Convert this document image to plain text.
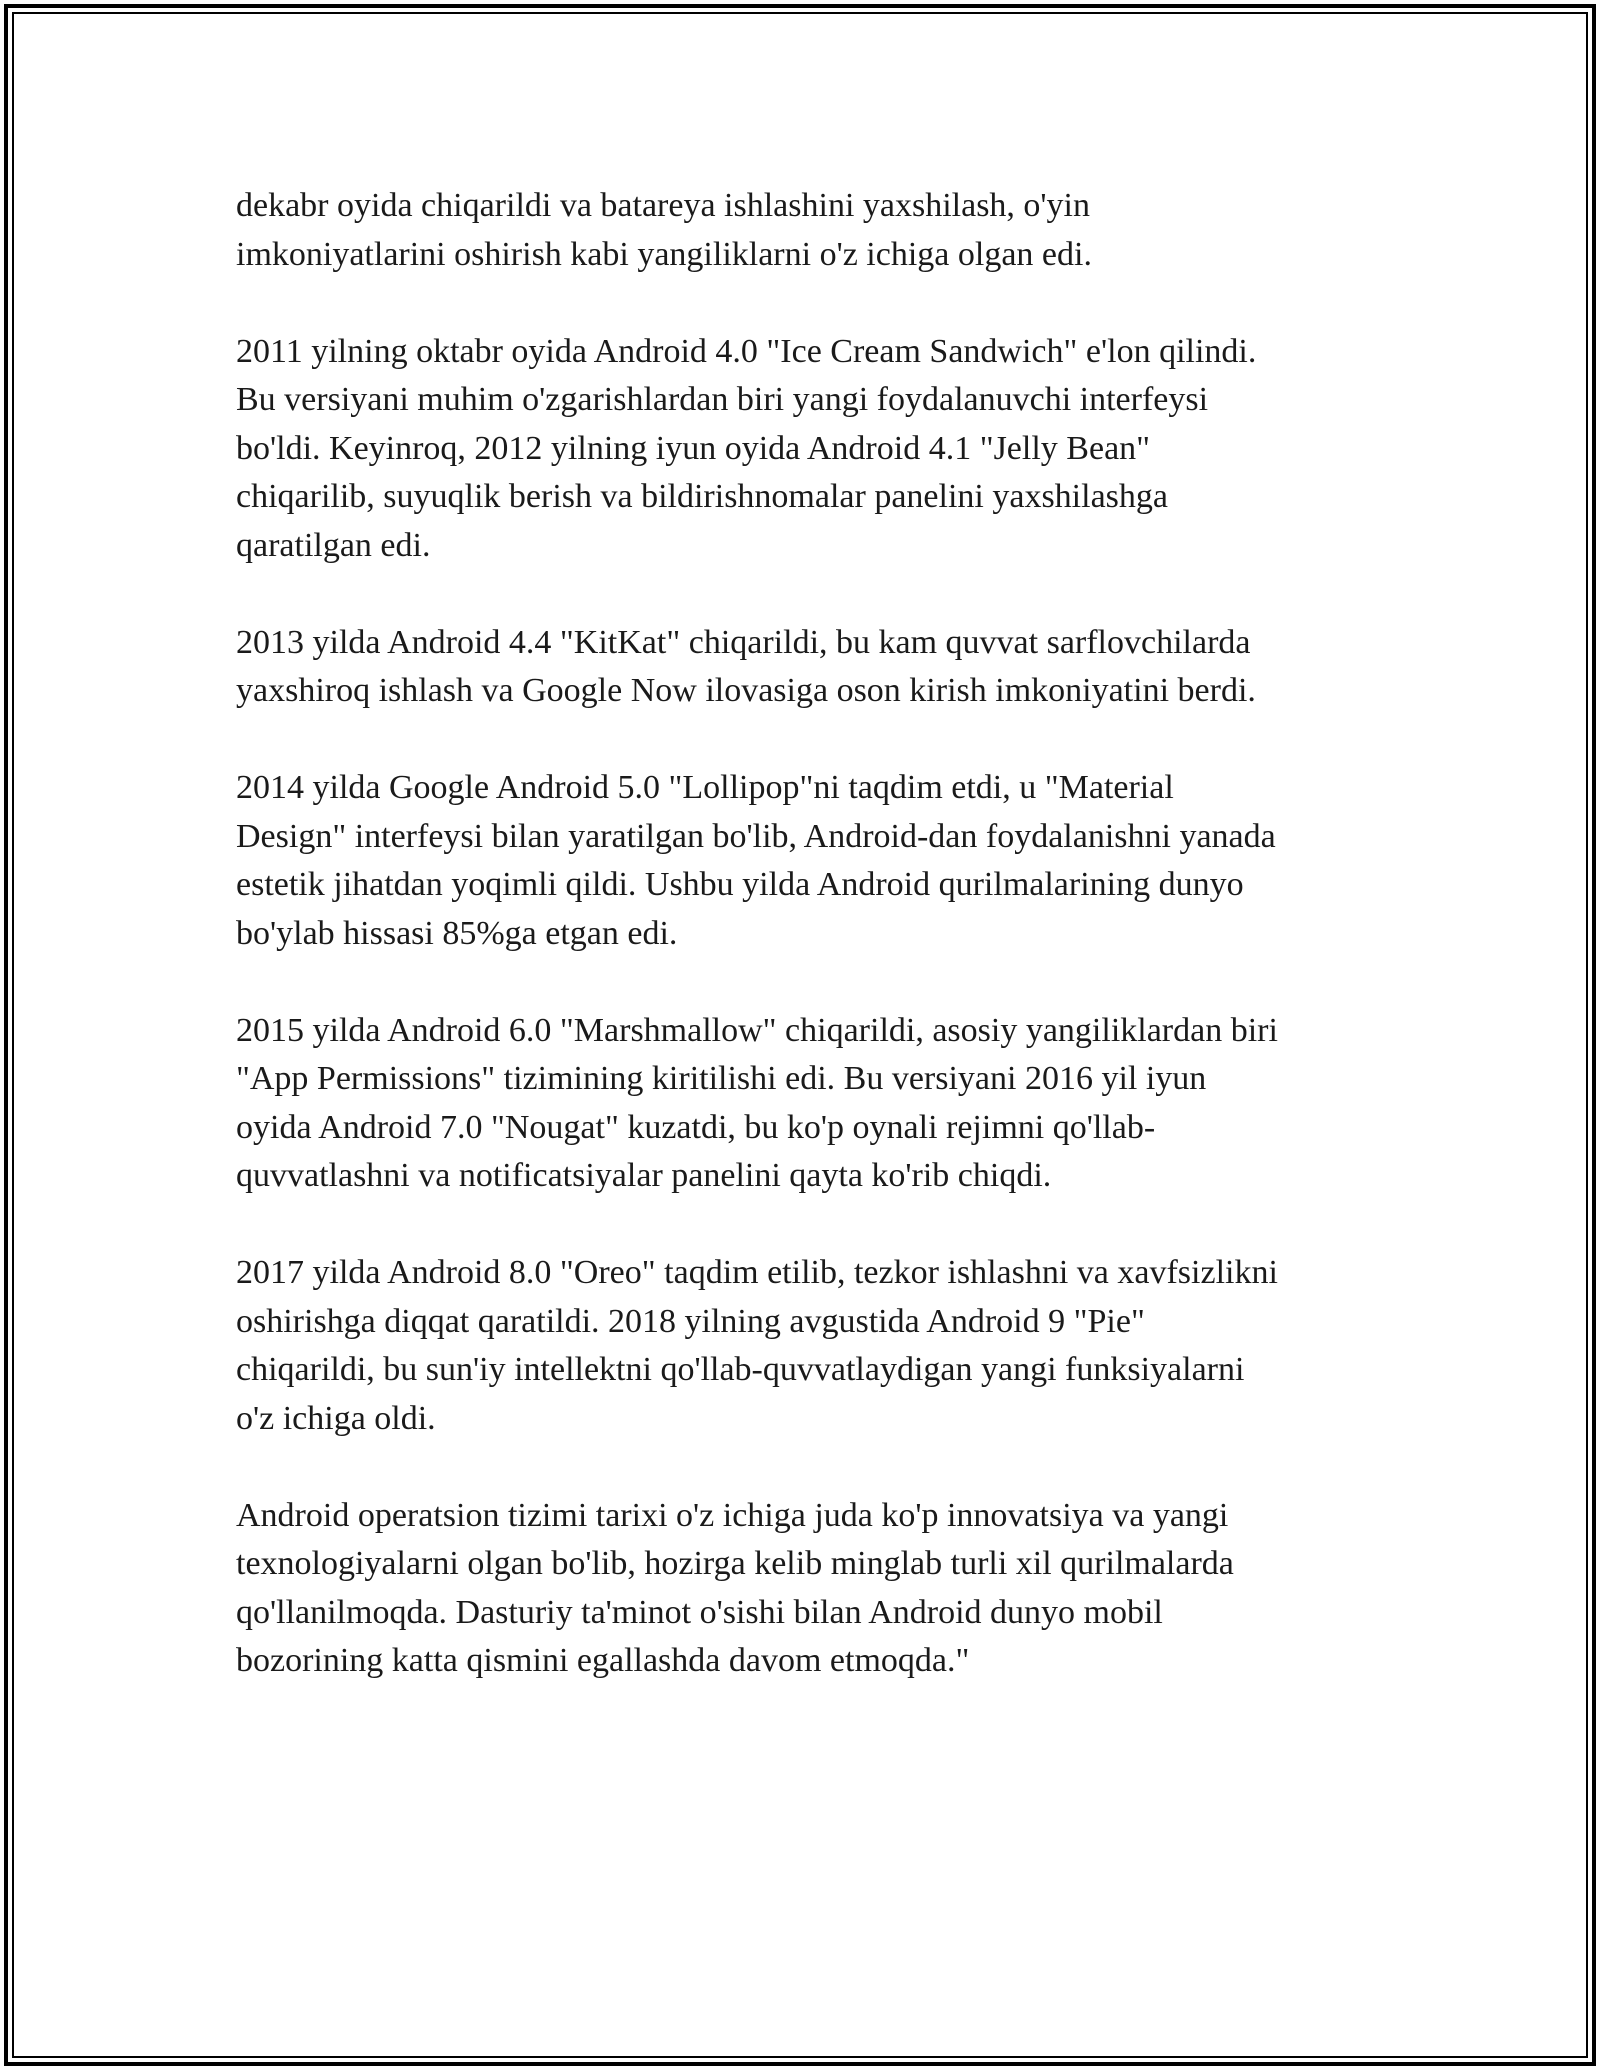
dekabr oyida chiqarildi va batareya ishlashini yaxshilash, o'yin
imkoniyatlarini oshirish kabi yangiliklarni o'z ichiga olgan edi.

2011 yilning oktabr oyida Android 4.0 "Ice Cream Sandwich" e'lon qilindi.
Bu versiyani muhim o'zgarishlardan biri yangi foydalanuvchi interfeysi
bo'ldi. Keyinroq, 2012 yilning iyun oyida Android 4.1 "Jelly Bean"
chiqarilib, suyuqlik berish va bildirishnomalar panelini yaxshilashga
qaratilgan edi.

2013 yilda Android 4.4 "KitKat" chiqarildi, bu kam quvvat sarflovchilarda
yaxshiroq ishlash va Google Now ilovasiga oson kirish imkoniyatini berdi.

2014 yilda Google Android 5.0 "Lollipop"ni taqdim etdi, u "Material
Design" interfeysi bilan yaratilgan bo'lib, Android-dan foydalanishni yanada
estetik jihatdan yoqimli qildi. Ushbu yilda Android qurilmalarining dunyo
bo'ylab hissasi 85%ga etgan edi.

2015 yilda Android 6.0 "Marshmallow" chiqarildi, asosiy yangiliklardan biri
"App Permissions" tizimining kiritilishi edi. Bu versiyani 2016 yil iyun
oyida Android 7.0 "Nougat" kuzatdi, bu ko'p oynali rejimni qo'llab-
quvvatlashni va notificatsiyalar panelini qayta ko'rib chiqdi.

2017 yilda Android 8.0 "Oreo" taqdim etilib, tezkor ishlashni va xavfsizlikni
oshirishga diqqat qaratildi. 2018 yilning avgustida Android 9 "Pie"
chiqarildi, bu sun'iy intellektni qo'llab-quvvatlaydigan yangi funksiyalarni
o'z ichiga oldi.

Android operatsion tizimi tarixi o'z ichiga juda ko'p innovatsiya va yangi
texnologiyalarni olgan bo'lib, hozirga kelib minglab turli xil qurilmalarda
qo'llanilmoqda. Dasturiy ta'minot o'sishi bilan Android dunyo mobil
bozorining katta qismini egallashda davom etmoqda."
